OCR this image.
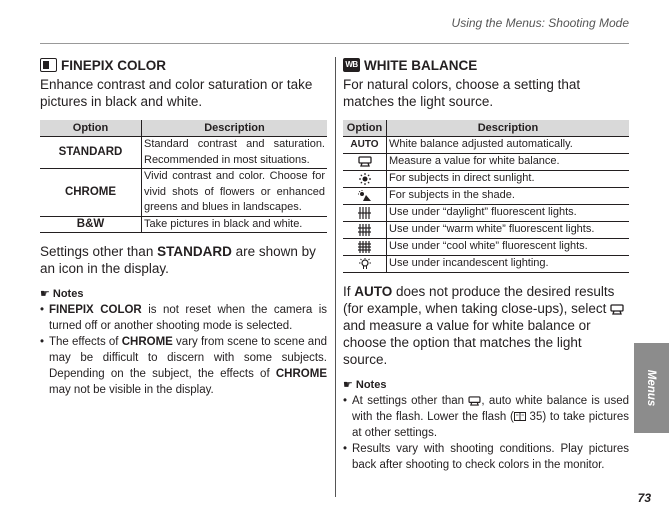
Using the Menus: Shooting Mode
FINEPIX COLOR

Enhance contrast and color saturation or take pictures in black and white.

Option	Description
STANDARD	Standard contrast and saturation. Recommended in most situations.
CHROME	Vivid contrast and color. Choose for vivid shots of flowers or enhanced greens and blues in landscapes.
B&W	Take pictures in black and white.

Settings other than STANDARD are shown by an icon in the display.

☛ Notes
• FINEPIX COLOR is not reset when the camera is turned off or another shooting mode is selected.
• The effects of CHROME vary from scene to scene and may be difficult to discern with some subjects. Depending on the subject, the effects of CHROME may not be visible in the display.
WB WHITE BALANCE

For natural colors, choose a setting that matches the light source.

Option	Description
AUTO	White balance adjusted automatically.
	Measure a value for white balance.
	For subjects in direct sunlight.
	For subjects in the shade.
	Use under “daylight” fluorescent lights.
	Use under “warm white” fluorescent lights.
	Use under “cool white” fluorescent lights.
	Use under incandescent lighting.

If AUTO does not produce the desired results (for example, when taking close-ups), select  and measure a value for white balance or choose the option that matches the light source.

☛ Notes
• At settings other than , auto white balance is used with the flash. Lower the flash ( 35) to take pictures at other settings.
• Results vary with shooting conditions. Play pictures back after shooting to check colors in the monitor.
Menus
73
